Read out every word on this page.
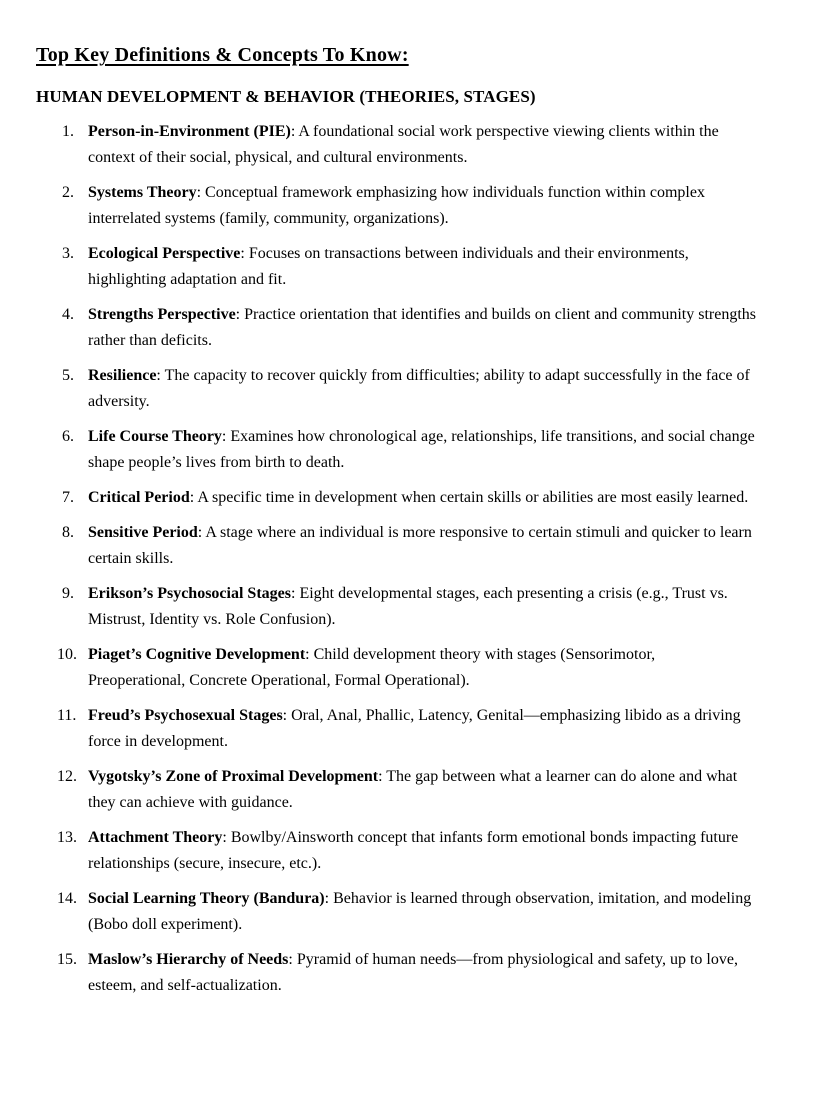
Top Key Definitions & Concepts To Know:
HUMAN DEVELOPMENT & BEHAVIOR (THEORIES, STAGES)
1. Person-in-Environment (PIE): A foundational social work perspective viewing clients within the context of their social, physical, and cultural environments.
2. Systems Theory: Conceptual framework emphasizing how individuals function within complex interrelated systems (family, community, organizations).
3. Ecological Perspective: Focuses on transactions between individuals and their environments, highlighting adaptation and fit.
4. Strengths Perspective: Practice orientation that identifies and builds on client and community strengths rather than deficits.
5. Resilience: The capacity to recover quickly from difficulties; ability to adapt successfully in the face of adversity.
6. Life Course Theory: Examines how chronological age, relationships, life transitions, and social change shape people’s lives from birth to death.
7. Critical Period: A specific time in development when certain skills or abilities are most easily learned.
8. Sensitive Period: A stage where an individual is more responsive to certain stimuli and quicker to learn certain skills.
9. Erikson’s Psychosocial Stages: Eight developmental stages, each presenting a crisis (e.g., Trust vs. Mistrust, Identity vs. Role Confusion).
10. Piaget’s Cognitive Development: Child development theory with stages (Sensorimotor, Preoperational, Concrete Operational, Formal Operational).
11. Freud’s Psychosexual Stages: Oral, Anal, Phallic, Latency, Genital—emphasizing libido as a driving force in development.
12. Vygotsky’s Zone of Proximal Development: The gap between what a learner can do alone and what they can achieve with guidance.
13. Attachment Theory: Bowlby/Ainsworth concept that infants form emotional bonds impacting future relationships (secure, insecure, etc.).
14. Social Learning Theory (Bandura): Behavior is learned through observation, imitation, and modeling (Bobo doll experiment).
15. Maslow’s Hierarchy of Needs: Pyramid of human needs—from physiological and safety, up to love, esteem, and self-actualization.
